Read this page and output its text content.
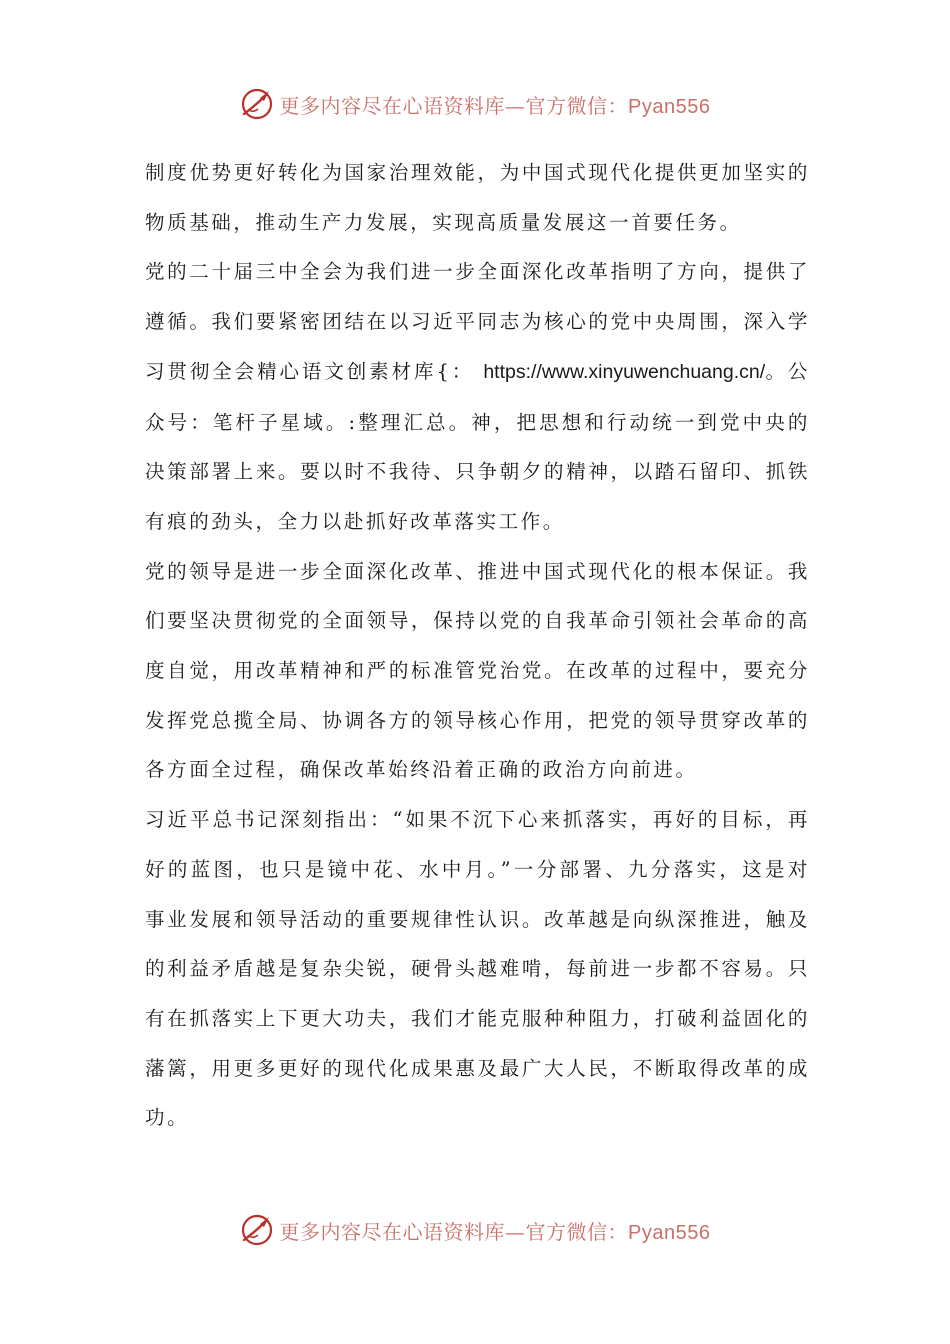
更多内容尽在心语资料库—官方微信：Pyan556

制度优势更好转化为国家治理效能，为中国式现代化提供更加坚实的物质基础，推动生产力发展，实现高质量发展这一首要任务。

党的二十届三中全会为我们进一步全面深化改革指明了方向，提供了遵循。我们要紧密团结在以习近平同志为核心的党中央周围，深入学习贯彻全会精心语文创素材库{： https://www.xinyuwenchuang.cn/。公众号：笔杆子星域。:整理汇总。神，把思想和行动统一到党中央的决策部署上来。要以时不我待、只争朝夕的精神，以踏石留印、抓铁有痕的劲头，全力以赴抓好改革落实工作。

党的领导是进一步全面深化改革、推进中国式现代化的根本保证。我们要坚决贯彻党的全面领导，保持以党的自我革命引领社会革命的高度自觉，用改革精神和严的标准管党治党。在改革的过程中，要充分发挥党总揽全局、协调各方的领导核心作用，把党的领导贯穿改革的各方面全过程，确保改革始终沿着正确的政治方向前进。

习近平总书记深刻指出：“如果不沉下心来抓落实，再好的目标，再好的蓝图，也只是镜中花、水中月。”一分部署、九分落实，这是对事业发展和领导活动的重要规律性认识。改革越是向纵深推进，触及的利益矛盾越是复杂尖锐，硬骨头越难啃，每前进一步都不容易。只有在抓落实上下更大功夫，我们才能克服种种阻力，打破利益固化的藩篱，用更多更好的现代化成果惠及最广大人民，不断取得改革的成功。

更多内容尽在心语资料库—官方微信：Pyan556
